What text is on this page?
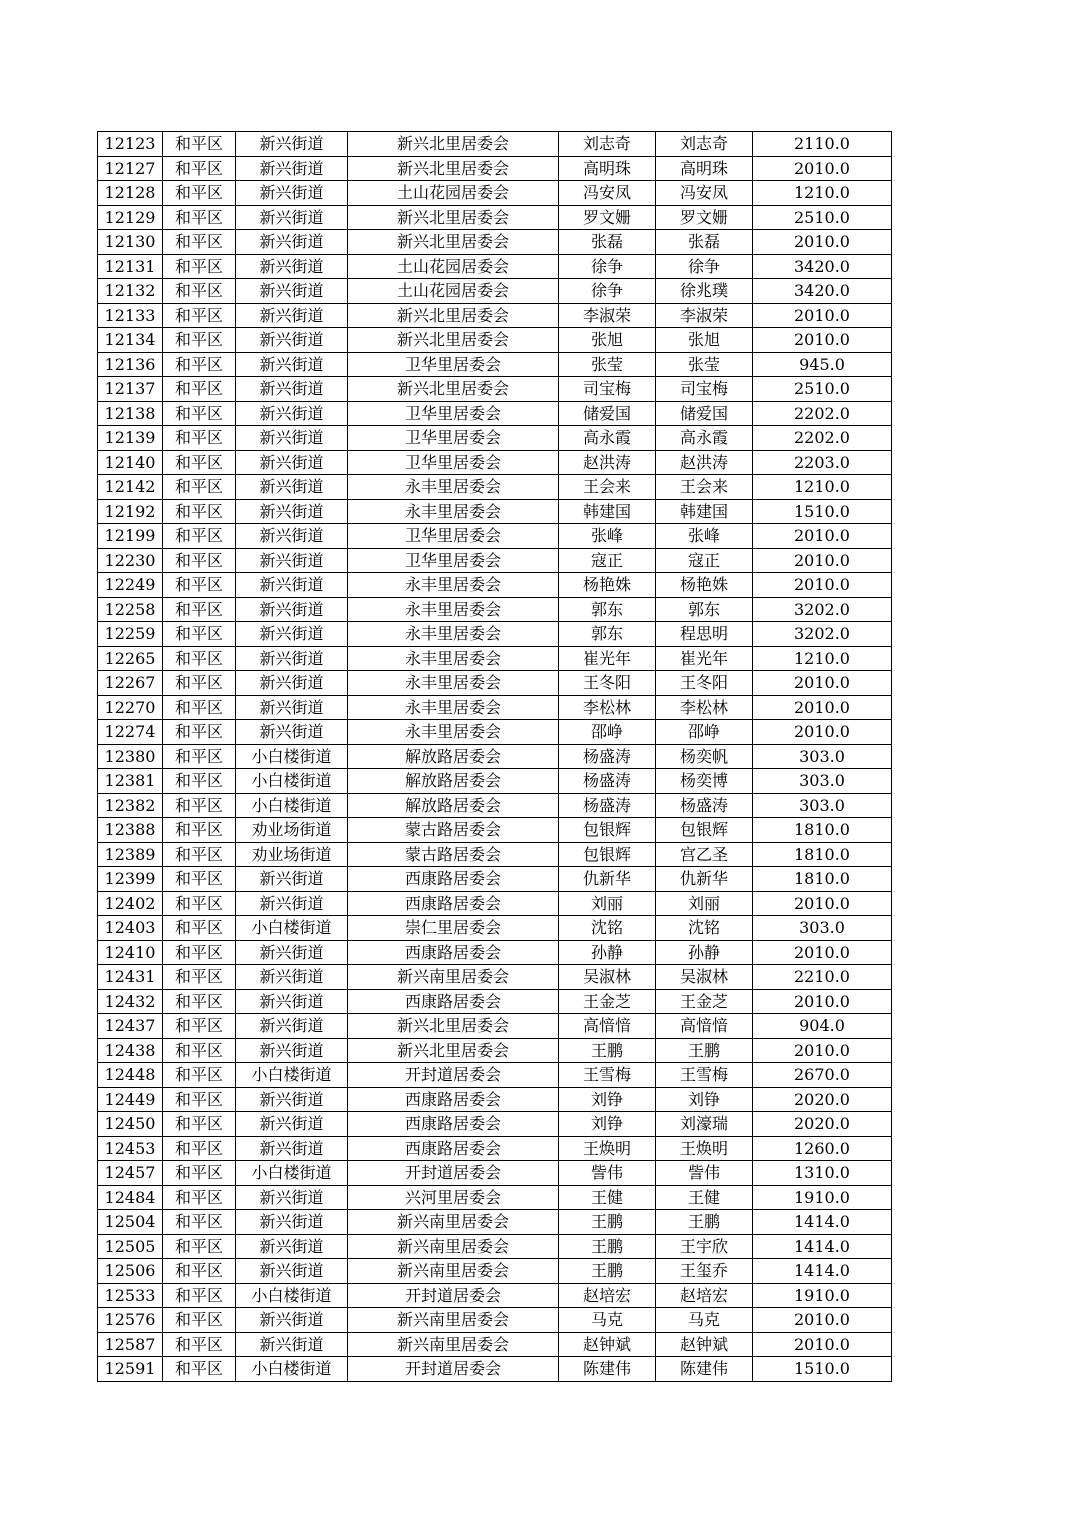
12123	和平区	新兴街道	新兴北里居委会	刘志奇	刘志奇	2110.0
12127	和平区	新兴街道	新兴北里居委会	高明珠	高明珠	2010.0
12128	和平区	新兴街道	土山花园居委会	冯安凤	冯安凤	1210.0
12129	和平区	新兴街道	新兴北里居委会	罗文姗	罗文姗	2510.0
12130	和平区	新兴街道	新兴北里居委会	张磊	张磊	2010.0
12131	和平区	新兴街道	土山花园居委会	徐争	徐争	3420.0
12132	和平区	新兴街道	土山花园居委会	徐争	徐兆璞	3420.0
12133	和平区	新兴街道	新兴北里居委会	李淑荣	李淑荣	2010.0
12134	和平区	新兴街道	新兴北里居委会	张旭	张旭	2010.0
12136	和平区	新兴街道	卫华里居委会	张莹	张莹	945.0
12137	和平区	新兴街道	新兴北里居委会	司宝梅	司宝梅	2510.0
12138	和平区	新兴街道	卫华里居委会	储爱国	储爱国	2202.0
12139	和平区	新兴街道	卫华里居委会	高永霞	高永霞	2202.0
12140	和平区	新兴街道	卫华里居委会	赵洪涛	赵洪涛	2203.0
12142	和平区	新兴街道	永丰里居委会	王会来	王会来	1210.0
12192	和平区	新兴街道	永丰里居委会	韩建国	韩建国	1510.0
12199	和平区	新兴街道	卫华里居委会	张峰	张峰	2010.0
12230	和平区	新兴街道	卫华里居委会	寇正	寇正	2010.0
12249	和平区	新兴街道	永丰里居委会	杨艳姝	杨艳姝	2010.0
12258	和平区	新兴街道	永丰里居委会	郭东	郭东	3202.0
12259	和平区	新兴街道	永丰里居委会	郭东	程思明	3202.0
12265	和平区	新兴街道	永丰里居委会	崔光年	崔光年	1210.0
12267	和平区	新兴街道	永丰里居委会	王冬阳	王冬阳	2010.0
12270	和平区	新兴街道	永丰里居委会	李松林	李松林	2010.0
12274	和平区	新兴街道	永丰里居委会	邵峥	邵峥	2010.0
12380	和平区	小白楼街道	解放路居委会	杨盛涛	杨奕帆	303.0
12381	和平区	小白楼街道	解放路居委会	杨盛涛	杨奕博	303.0
12382	和平区	小白楼街道	解放路居委会	杨盛涛	杨盛涛	303.0
12388	和平区	劝业场街道	蒙古路居委会	包银辉	包银辉	1810.0
12389	和平区	劝业场街道	蒙古路居委会	包银辉	宫乙圣	1810.0
12399	和平区	新兴街道	西康路居委会	仇新华	仇新华	1810.0
12402	和平区	新兴街道	西康路居委会	刘丽	刘丽	2010.0
12403	和平区	小白楼街道	崇仁里居委会	沈铭	沈铭	303.0
12410	和平区	新兴街道	西康路居委会	孙静	孙静	2010.0
12431	和平区	新兴街道	新兴南里居委会	吴淑林	吴淑林	2210.0
12432	和平区	新兴街道	西康路居委会	王金芝	王金芝	2010.0
12437	和平区	新兴街道	新兴北里居委会	高愔愔	高愔愔	904.0
12438	和平区	新兴街道	新兴北里居委会	王鹏	王鹏	2010.0
12448	和平区	小白楼街道	开封道居委会	王雪梅	王雪梅	2670.0
12449	和平区	新兴街道	西康路居委会	刘铮	刘铮	2020.0
12450	和平区	新兴街道	西康路居委会	刘铮	刘濠瑞	2020.0
12453	和平区	新兴街道	西康路居委会	王焕明	王焕明	1260.0
12457	和平区	小白楼街道	开封道居委会	訾伟	訾伟	1310.0
12484	和平区	新兴街道	兴河里居委会	王健	王健	1910.0
12504	和平区	新兴街道	新兴南里居委会	王鹏	王鹏	1414.0
12505	和平区	新兴街道	新兴南里居委会	王鹏	王宇欣	1414.0
12506	和平区	新兴街道	新兴南里居委会	王鹏	王玺乔	1414.0
12533	和平区	小白楼街道	开封道居委会	赵培宏	赵培宏	1910.0
12576	和平区	新兴街道	新兴南里居委会	马克	马克	2010.0
12587	和平区	新兴街道	新兴南里居委会	赵钟斌	赵钟斌	2010.0
12591	和平区	小白楼街道	开封道居委会	陈建伟	陈建伟	1510.0
